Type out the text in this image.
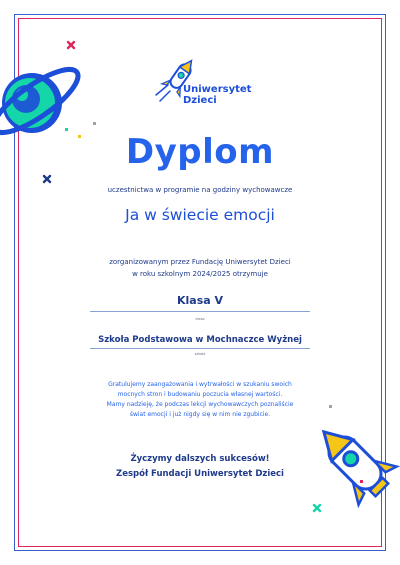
Uniwersytet
Dzieci
Dyplom
uczestnictwa w programie na godziny wychowawcze
Ja w świecie emocji
zorganizowanym przez Fundację Uniwersytet Dzieci
w roku szkolnym 2024/2025 otrzymuje
Klasa V
klasa
Szkoła Podstawowa w Mochnaczce Wyżnej
szkoła
Gratulujemy zaangażowania i wytrwałości w szukaniu swoich
mocnych stron i budowaniu poczucia własnej wartości.
Mamy nadzieję, że podczas lekcji wychowawczych poznaliście
świat emocji i już nigdy się w nim nie zgubicie.
Życzymy dalszych sukcesów!
Zespół Fundacji Uniwersytet Dzieci
